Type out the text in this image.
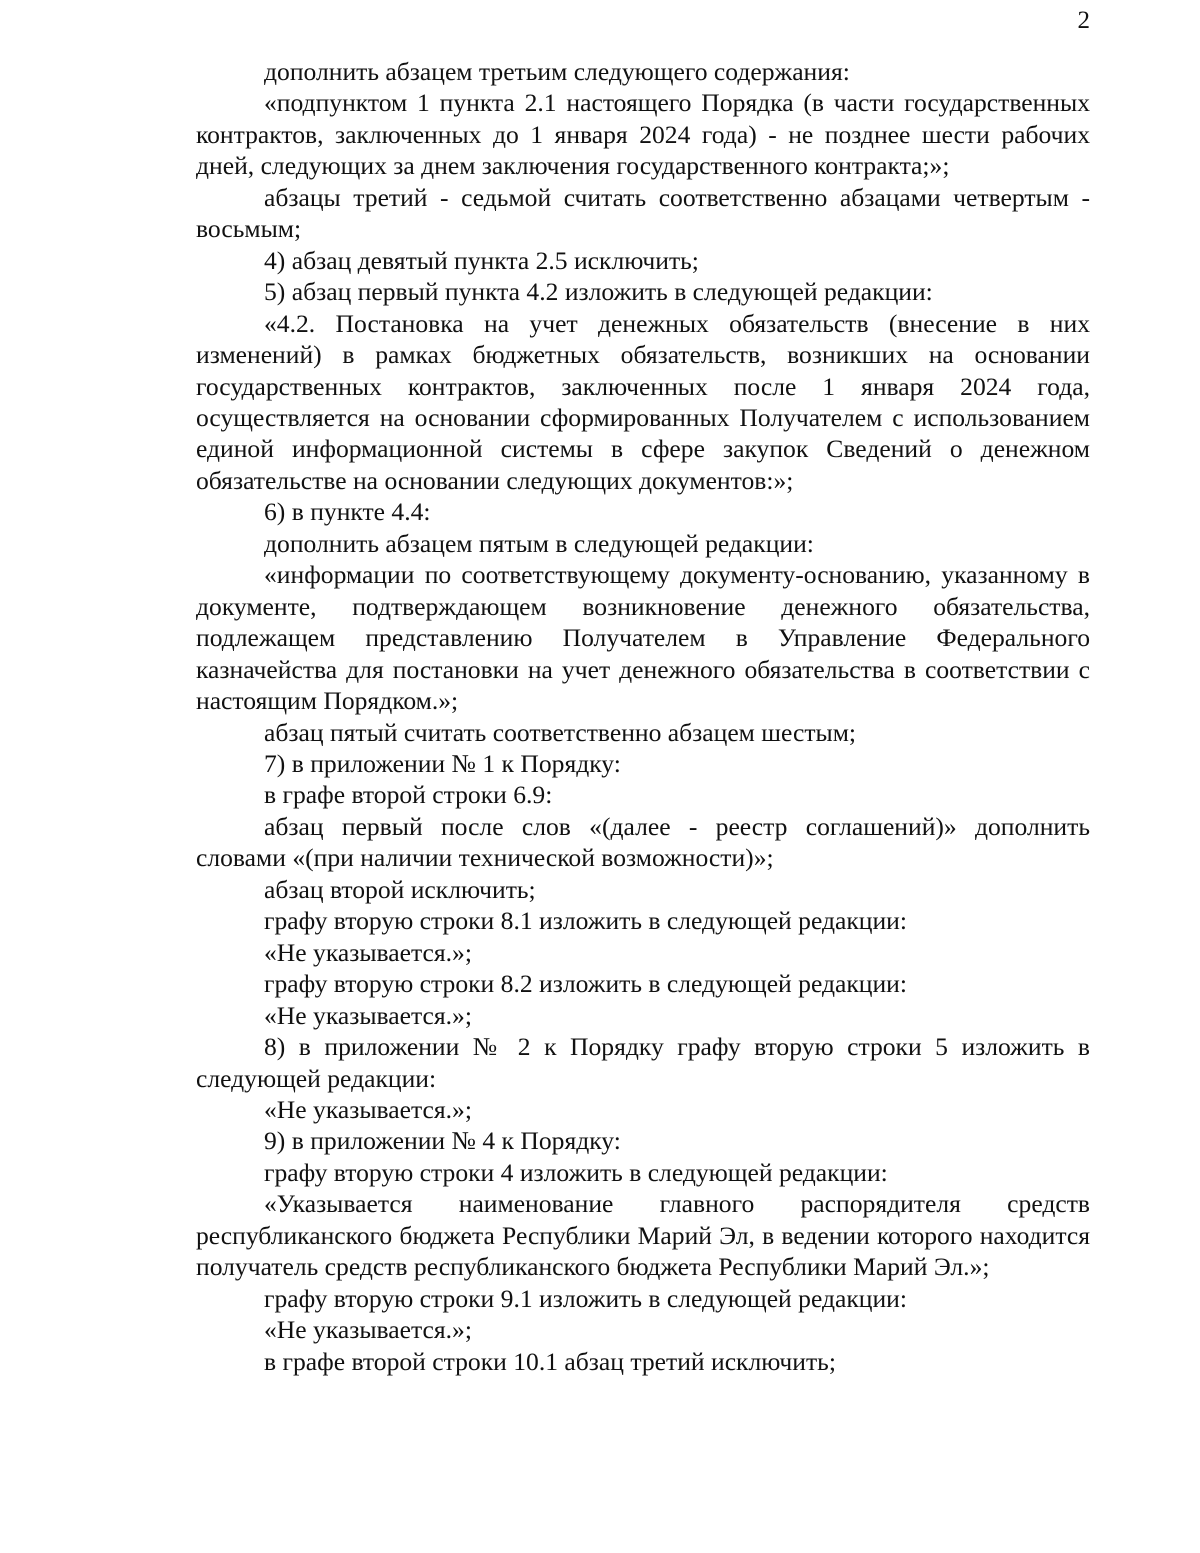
2

дополнить абзацем третьим следующего содержания:

«подпунктом 1 пункта 2.1 настоящего Порядка (в части государственных контрактов, заключенных до 1 января 2024 года) - не позднее шести рабочих дней, следующих за днем заключения государственного контракта;»;

абзацы третий - седьмой считать соответственно абзацами четвертым - восьмым;

4) абзац девятый пункта 2.5 исключить;

5) абзац первый пункта 4.2 изложить в следующей редакции:

«4.2. Постановка на учет денежных обязательств (внесение в них изменений) в рамках бюджетных обязательств, возникших на основании государственных контрактов, заключенных после 1 января 2024 года, осуществляется на основании сформированных Получателем с использованием единой информационной системы в сфере закупок Сведений о денежном обязательстве на основании следующих документов:»;

6) в пункте 4.4:

дополнить абзацем пятым в следующей редакции:

«информации по соответствующему документу-основанию, указанному в документе, подтверждающем возникновение денежного обязательства, подлежащем представлению Получателем в Управление Федерального казначейства для постановки на учет денежного обязательства в соответствии с настоящим Порядком.»;

абзац пятый считать соответственно абзацем шестым;

7) в приложении № 1 к Порядку:

в графе второй строки 6.9:

абзац первый после слов «(далее - реестр соглашений)» дополнить словами «(при наличии технической возможности)»;

абзац второй исключить;

графу вторую строки 8.1 изложить в следующей редакции:

«Не указывается.»;

графу вторую строки 8.2 изложить в следующей редакции:

«Не указывается.»;

8) в приложении № 2 к Порядку графу вторую строки 5 изложить в следующей редакции:

«Не указывается.»;

9) в приложении № 4 к Порядку:

графу вторую строки 4 изложить в следующей редакции:

«Указывается наименование главного распорядителя средств республиканского бюджета Республики Марий Эл, в ведении которого находится получатель средств республиканского бюджета Республики Марий Эл.»;

графу вторую строки 9.1 изложить в следующей редакции:

«Не указывается.»;

в графе второй строки 10.1 абзац третий исключить;
